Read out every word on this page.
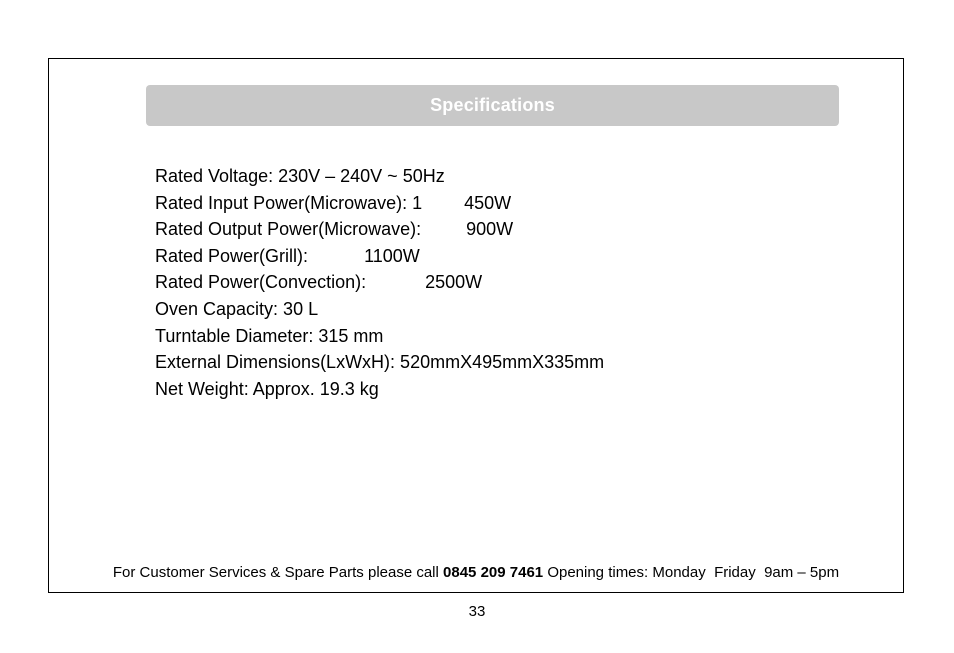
Specifications
Rated Voltage: 230V – 240V ~ 50Hz
Rated Input Power(Microwave): 1 450W
Rated Output Power(Microwave):	900W
Rated Power(Grill):	1100W
Rated Power(Convection):	2500W
Oven Capacity: 30 L
Turntable Diameter: 315 mm
External Dimensions(LxWxH): 520mmX495mmX335mm
Net Weight: Approx. 19.3 kg
For Customer Services & Spare Parts please call 0845 209 7461 Opening times: Monday  Friday  9am – 5pm
33
